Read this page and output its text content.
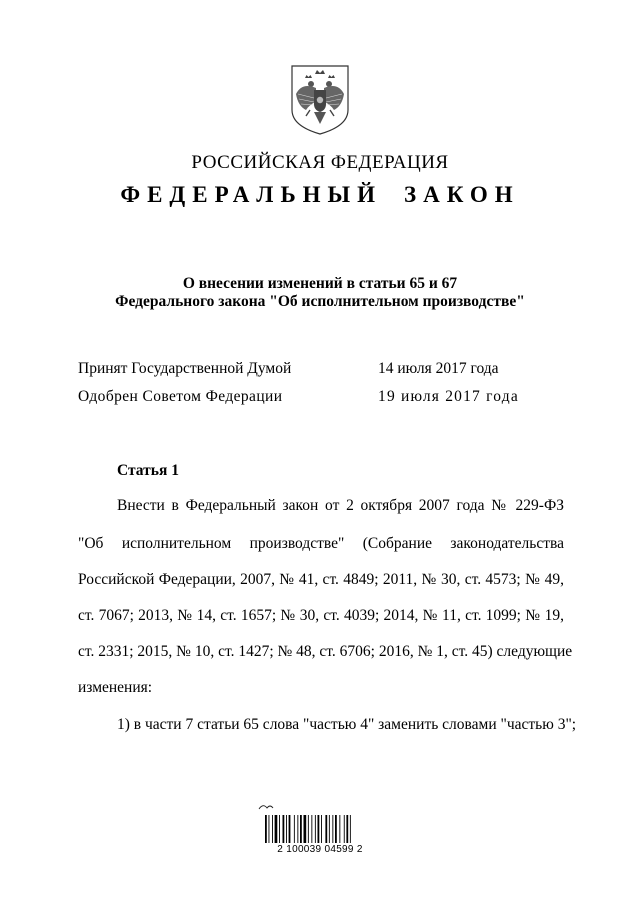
РОССИЙСКАЯ ФЕДЕРАЦИЯ
ФЕДЕРАЛЬНЫЙ ЗАКОН
О внесении изменений в статьи 65 и 67
Федерального закона "Об исполнительном производстве"
Принят Государственной Думой	14 июля 2017 года
Одобрен Советом Федерации	19 июля 2017 года
Статья 1
Внести в Федеральный закон от 2 октября 2007 года № 229-ФЗ
"Об исполнительном производстве" (Собрание законодательства
Российской Федерации, 2007, № 41, ст. 4849; 2011, № 30, ст. 4573; № 49,
ст. 7067; 2013, № 14, ст. 1657; № 30, ст. 4039; 2014, № 11, ст. 1099; № 19,
ст. 2331; 2015, № 10, ст. 1427; № 48, ст. 6706; 2016, № 1, ст. 45) следующие
изменения:
1) в части 7 статьи 65 слова "частью 4" заменить словами "частью 3";
2 100039 04599 2
